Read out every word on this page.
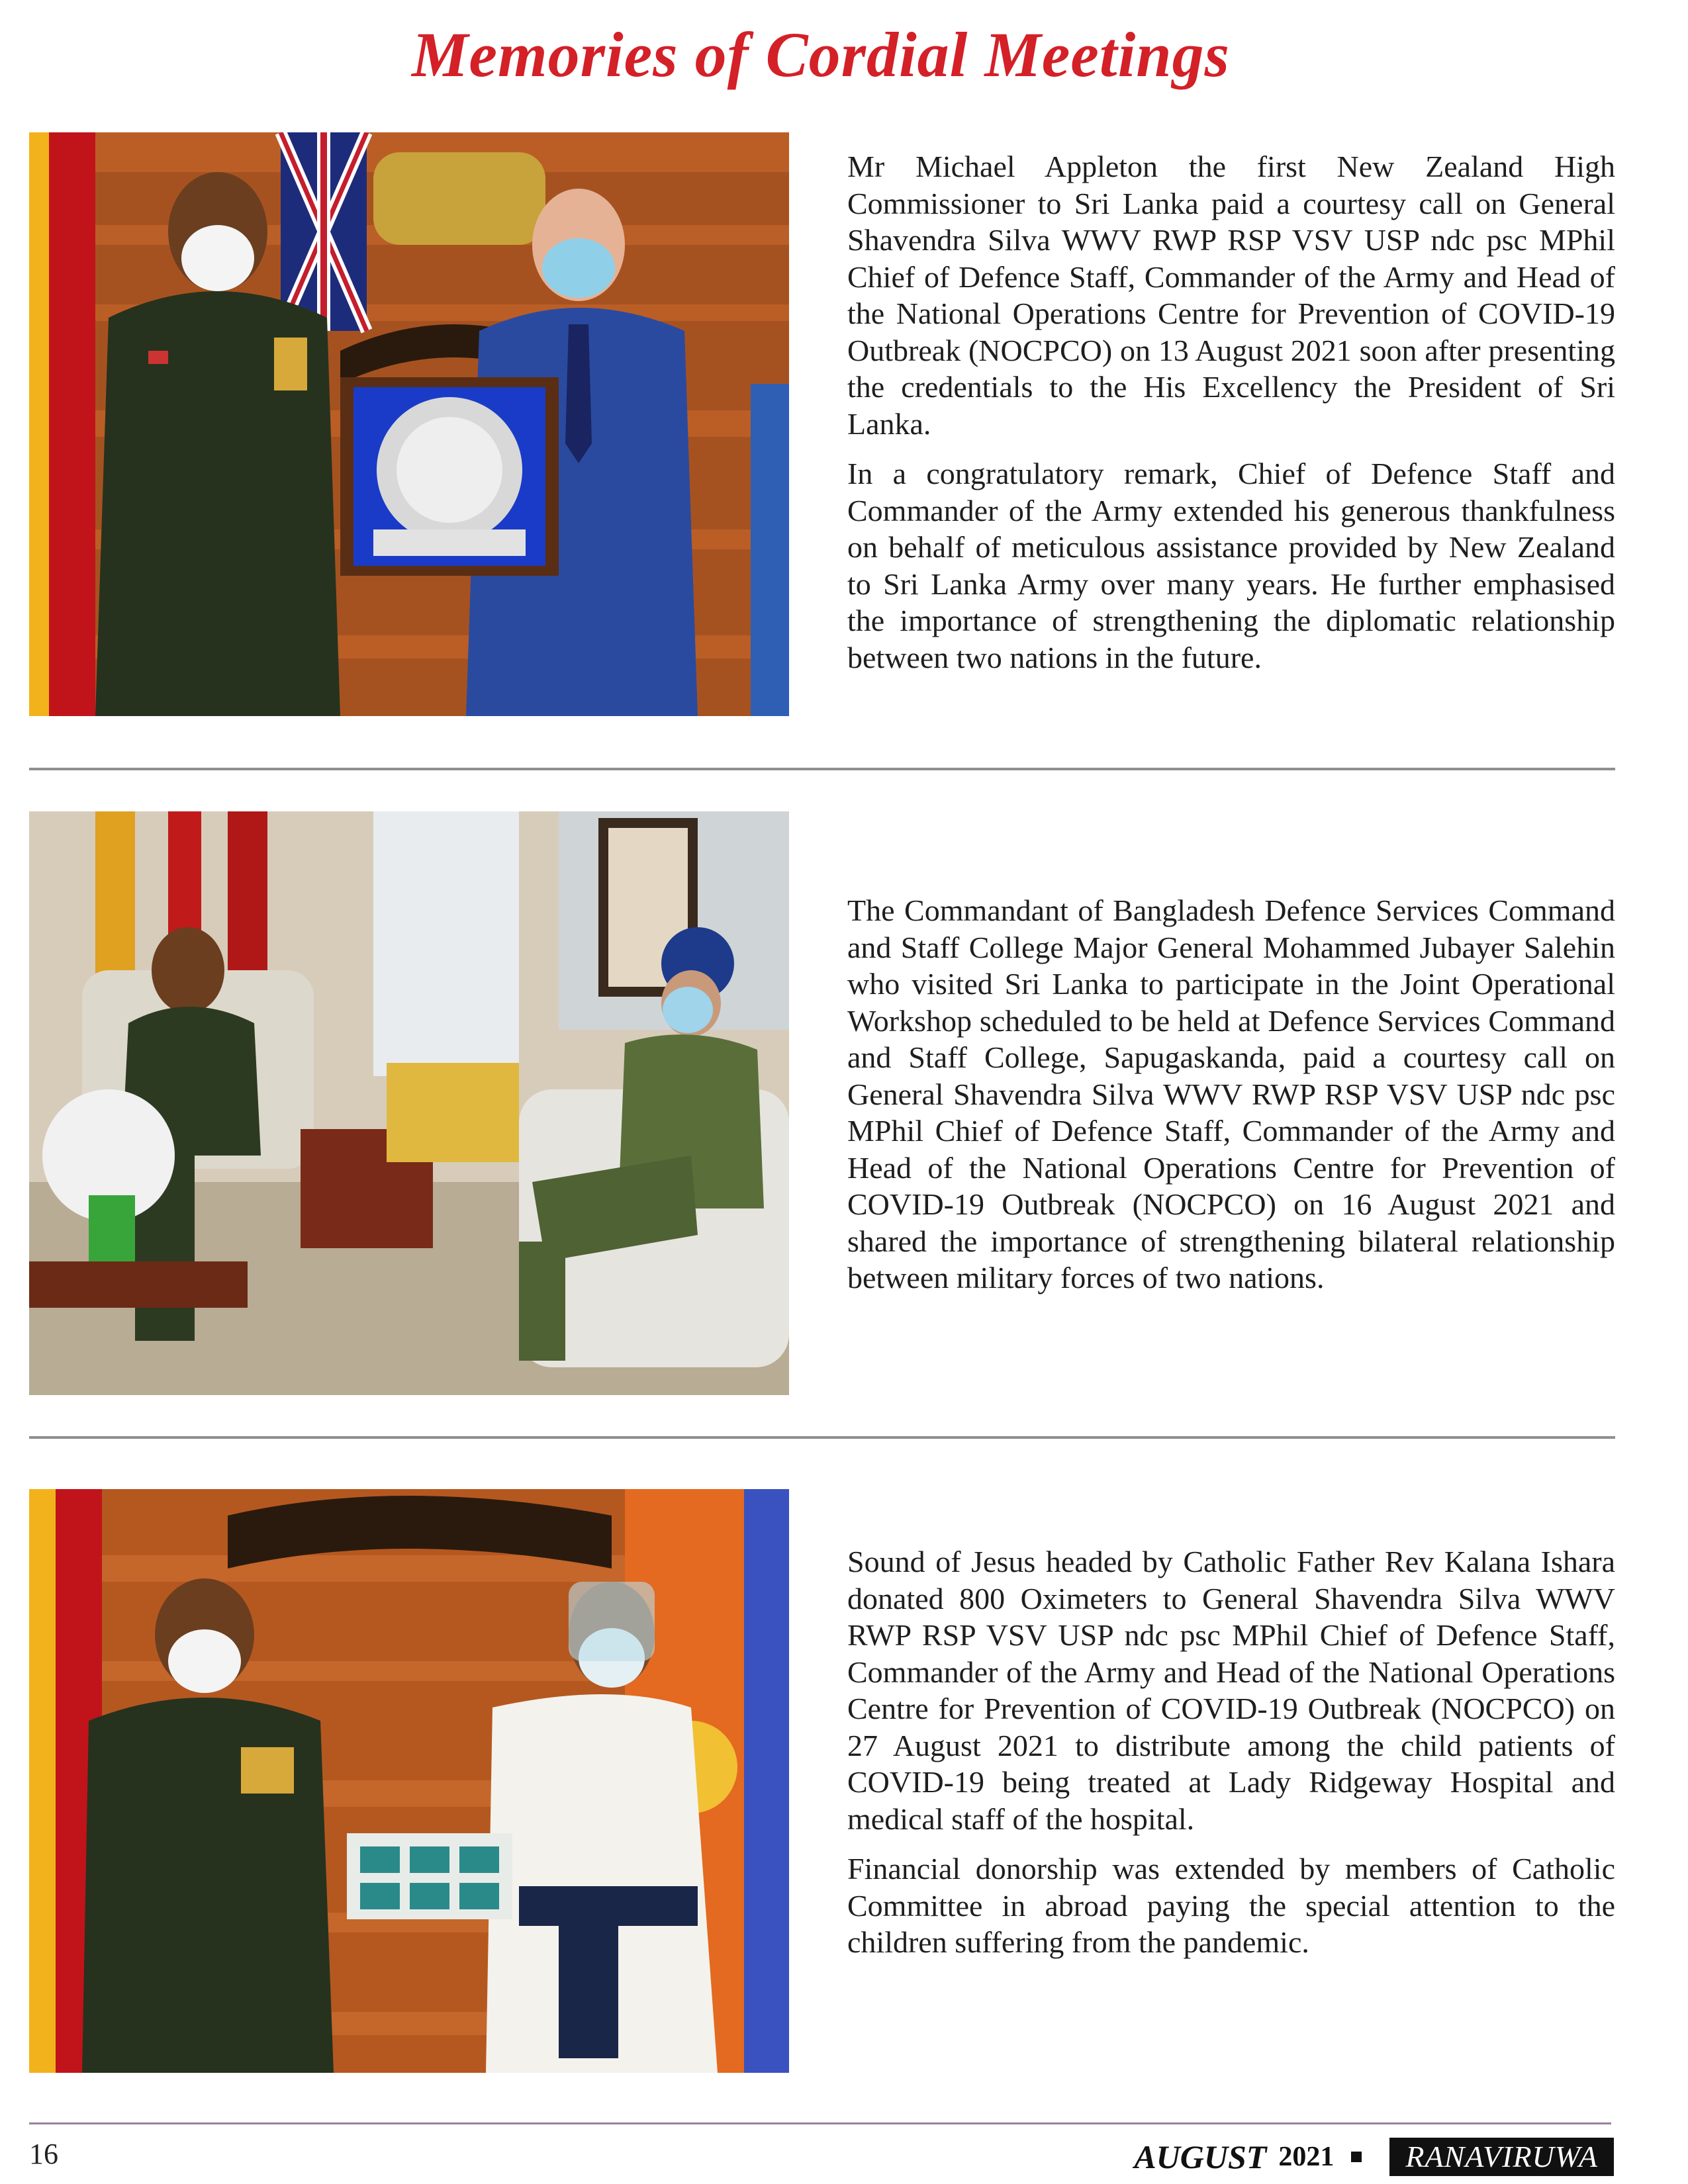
Memories of Cordial Meetings

Mr Michael Appleton the first New Zealand High Commissioner to Sri Lanka paid a courtesy call on General Shavendra Silva WWV RWP RSP VSV USP ndc psc MPhil Chief of Defence Staff, Commander of the Army and Head of the National Operations Centre for Prevention of COVID-19 Outbreak (NOCPCO) on 13 August 2021 soon after presenting the credentials to the His Excellency the President of Sri Lanka.

In a congratulatory remark, Chief of Defence Staff and Commander of the Army extended his generous thankfulness on behalf of meticulous assistance provided by New Zealand to Sri Lanka Army over many years. He further emphasised the importance of strengthening the diplomatic relationship between two nations in the future.

The Commandant of Bangladesh Defence Services Command and Staff College Major General Mohammed Jubayer Salehin who visited Sri Lanka to participate in the Joint Operational Workshop scheduled to be held at Defence Services Command and Staff College, Sapugaskanda, paid a courtesy call on General Shavendra Silva WWV RWP RSP VSV USP ndc psc MPhil Chief of Defence Staff, Commander of the Army and Head of the National Operations Centre for Prevention of COVID-19 Outbreak (NOCPCO) on 16 August 2021 and shared the importance of strengthening bilateral relationship between military forces of two nations.

Sound of Jesus headed by Catholic Father Rev Kalana Ishara donated 800 Oximeters to General Shavendra Silva WWV RWP RSP VSV USP ndc psc MPhil Chief of Defence Staff, Commander of the Army and Head of the National Operations Centre for Prevention of COVID-19 Outbreak (NOCPCO) on 27 August 2021 to distribute among the child patients of COVID-19 being treated at Lady Ridgeway Hospital and medical staff of the hospital.

Financial donorship was extended by members of Catholic Committee in abroad paying the special attention to the children suffering from the pandemic.

16	AUGUST 2021	RANAVIRUWA
